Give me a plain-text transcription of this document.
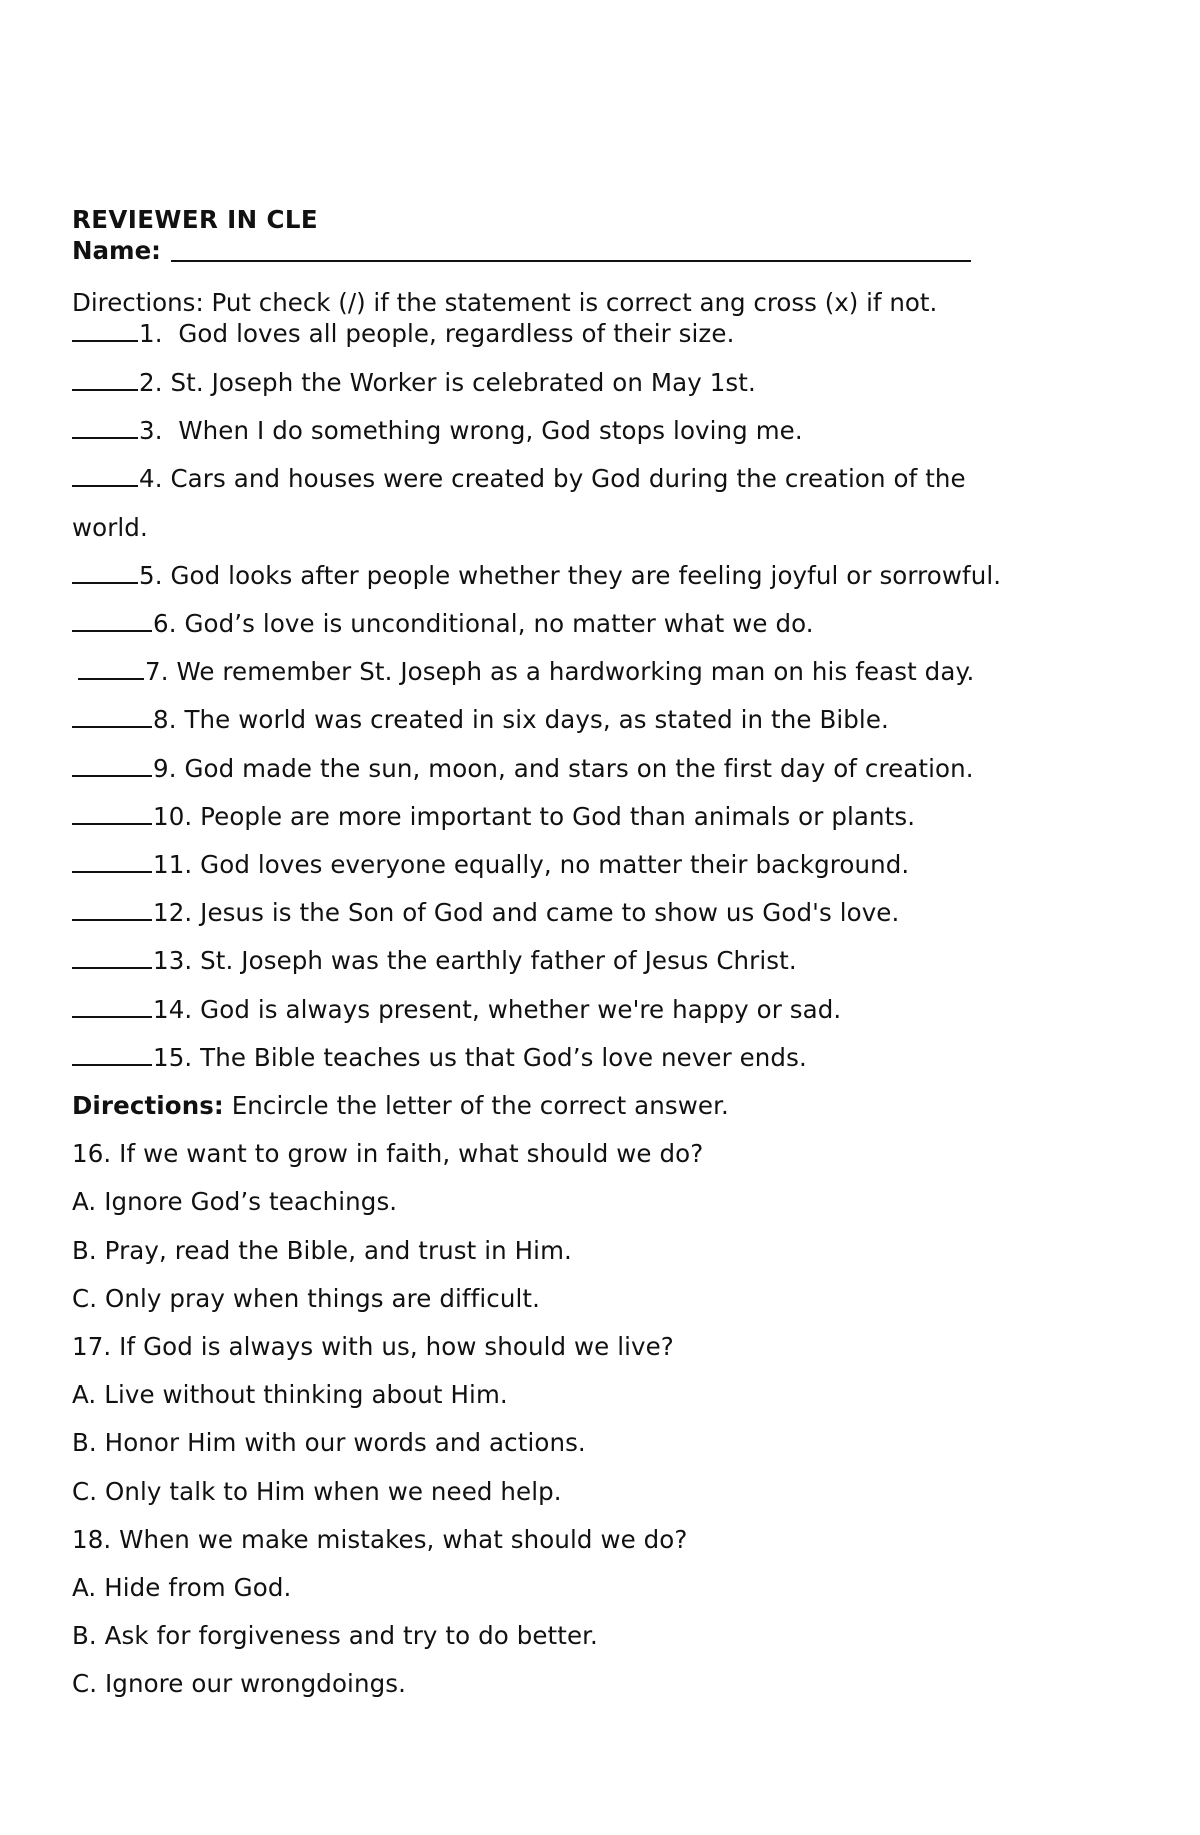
REVIEWER IN CLE
Name:
Directions: Put check (/) if the statement is correct ang cross (x) if not.
1.  God loves all people, regardless of their size.
2. St. Joseph the Worker is celebrated on May 1st.
3.  When I do something wrong, God stops loving me.
4. Cars and houses were created by God during the creation of the
world.
5. God looks after people whether they are feeling joyful or sorrowful.
6. God’s love is unconditional, no matter what we do.
7. We remember St. Joseph as a hardworking man on his feast day.
8. The world was created in six days, as stated in the Bible.
9. God made the sun, moon, and stars on the first day of creation.
10. People are more important to God than animals or plants.
11. God loves everyone equally, no matter their background.
12. Jesus is the Son of God and came to show us God's love.
13. St. Joseph was the earthly father of Jesus Christ.
14. God is always present, whether we're happy or sad.
15. The Bible teaches us that God’s love never ends.
Directions: Encircle the letter of the correct answer.
16. If we want to grow in faith, what should we do?
A. Ignore God’s teachings.
B. Pray, read the Bible, and trust in Him.
C. Only pray when things are difficult.
17. If God is always with us, how should we live?
A. Live without thinking about Him.
B. Honor Him with our words and actions.
C. Only talk to Him when we need help.
18. When we make mistakes, what should we do?
A. Hide from God.
B. Ask for forgiveness and try to do better.
C. Ignore our wrongdoings.
